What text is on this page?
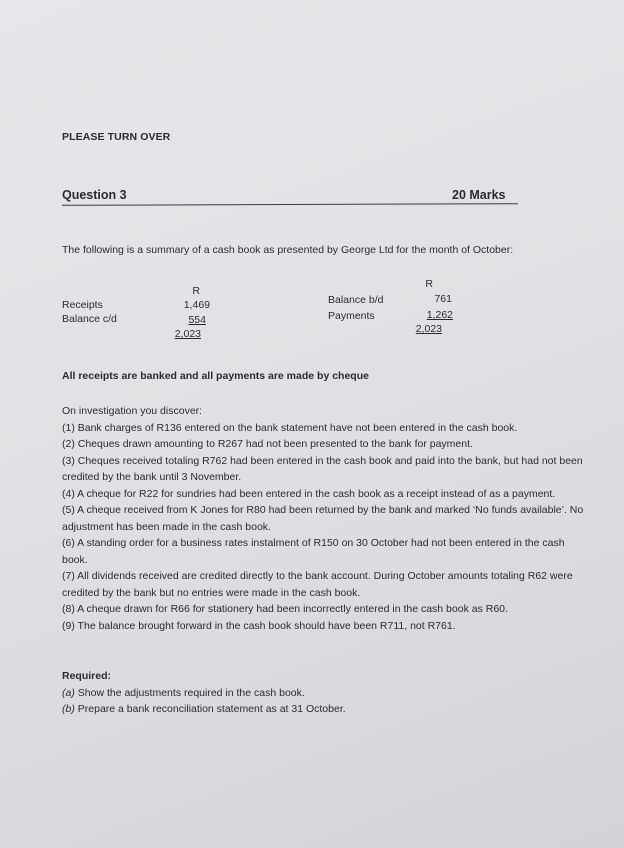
PLEASE TURN OVER
Question 3	20 Marks
The following is a summary of a cash book as presented by George Ltd for the month of October:
R
Receipts	1,469
Balance c/d	554
2,023
R
Balance b/d	761
Payments	1,262
2,023
All receipts are banked and all payments are made by cheque

On investigation you discover:

(1) Bank charges of R136 entered on the bank statement have not been entered in the cash book.

(2) Cheques drawn amounting to R267 had not been presented to the bank for payment.

(3) Cheques received totaling R762 had been entered in the cash book and paid into the bank, but had not been credited by the bank until 3 November.

(4) A cheque for R22 for sundries had been entered in the cash book as a receipt instead of as a payment.

(5) A cheque received from K Jones for R80 had been returned by the bank and marked ‘No funds available’. No adjustment has been made in the cash book.

(6) A standing order for a business rates instalment of R150 on 30 October had not been entered in the cash book.

(7) All dividends received are credited directly to the bank account. During October amounts totaling R62 were credited by the bank but no entries were made in the cash book.

(8) A cheque drawn for R66 for stationery had been incorrectly entered in the cash book as R60.

(9) The balance brought forward in the cash book should have been R711, not R761.

Required:

(a) Show the adjustments required in the cash book.

(b) Prepare a bank reconciliation statement as at 31 October.
